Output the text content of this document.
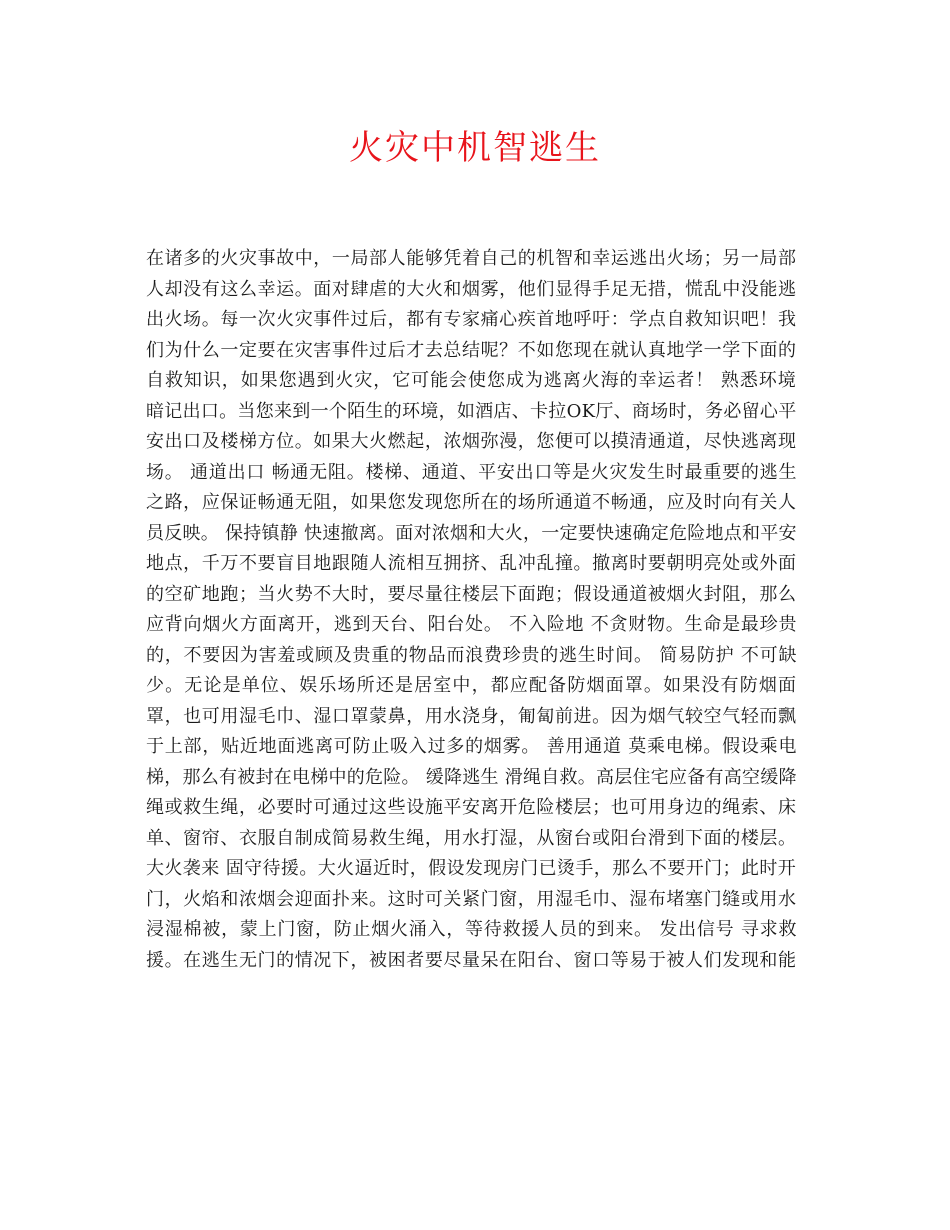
火灾中机智逃生
在诸多的火灾事故中，一局部人能够凭着自己的机智和幸运逃出火场；另一局部
人却没有这么幸运。面对肆虐的大火和烟雾，他们显得手足无措，慌乱中没能逃
出火场。每一次火灾事件过后，都有专家痛心疾首地呼吁：学点自救知识吧！我
们为什么一定要在灾害事件过后才去总结呢？不如您现在就认真地学一学下面的
自救知识，如果您遇到火灾，它可能会使您成为逃离火海的幸运者！ 熟悉环境
暗记出口。当您来到一个陌生的环境，如酒店、卡拉OK厅、商场时，务必留心平
安出口及楼梯方位。如果大火燃起，浓烟弥漫，您便可以摸清通道，尽快逃离现
场。 通道出口 畅通无阻。楼梯、通道、平安出口等是火灾发生时最重要的逃生
之路，应保证畅通无阻，如果您发现您所在的场所通道不畅通，应及时向有关人
员反映。 保持镇静 快速撤离。面对浓烟和大火，一定要快速确定危险地点和平安
地点，千万不要盲目地跟随人流相互拥挤、乱冲乱撞。撤离时要朝明亮处或外面
的空矿地跑；当火势不大时，要尽量往楼层下面跑；假设通道被烟火封阻，那么
应背向烟火方面离开，逃到天台、阳台处。 不入险地 不贪财物。生命是最珍贵
的，不要因为害羞或顾及贵重的物品而浪费珍贵的逃生时间。 简易防护 不可缺
少。无论是单位、娱乐场所还是居室中，都应配备防烟面罩。如果没有防烟面
罩，也可用湿毛巾、湿口罩蒙鼻，用水浇身，匍匐前进。因为烟气较空气轻而飘
于上部，贴近地面逃离可防止吸入过多的烟雾。 善用通道 莫乘电梯。假设乘电
梯，那么有被封在电梯中的危险。 缓降逃生 滑绳自救。高层住宅应备有高空缓降
绳或救生绳，必要时可通过这些设施平安离开危险楼层；也可用身边的绳索、床
单、窗帘、衣服自制成简易救生绳，用水打湿，从窗台或阳台滑到下面的楼层。
大火袭来 固守待援。大火逼近时，假设发现房门已烫手，那么不要开门；此时开
门，火焰和浓烟会迎面扑来。这时可关紧门窗，用湿毛巾、湿布堵塞门缝或用水
浸湿棉被，蒙上门窗，防止烟火涌入，等待救援人员的到来。 发出信号 寻求救
援。在逃生无门的情况下，被困者要尽量呆在阳台、窗口等易于被人们发现和能
